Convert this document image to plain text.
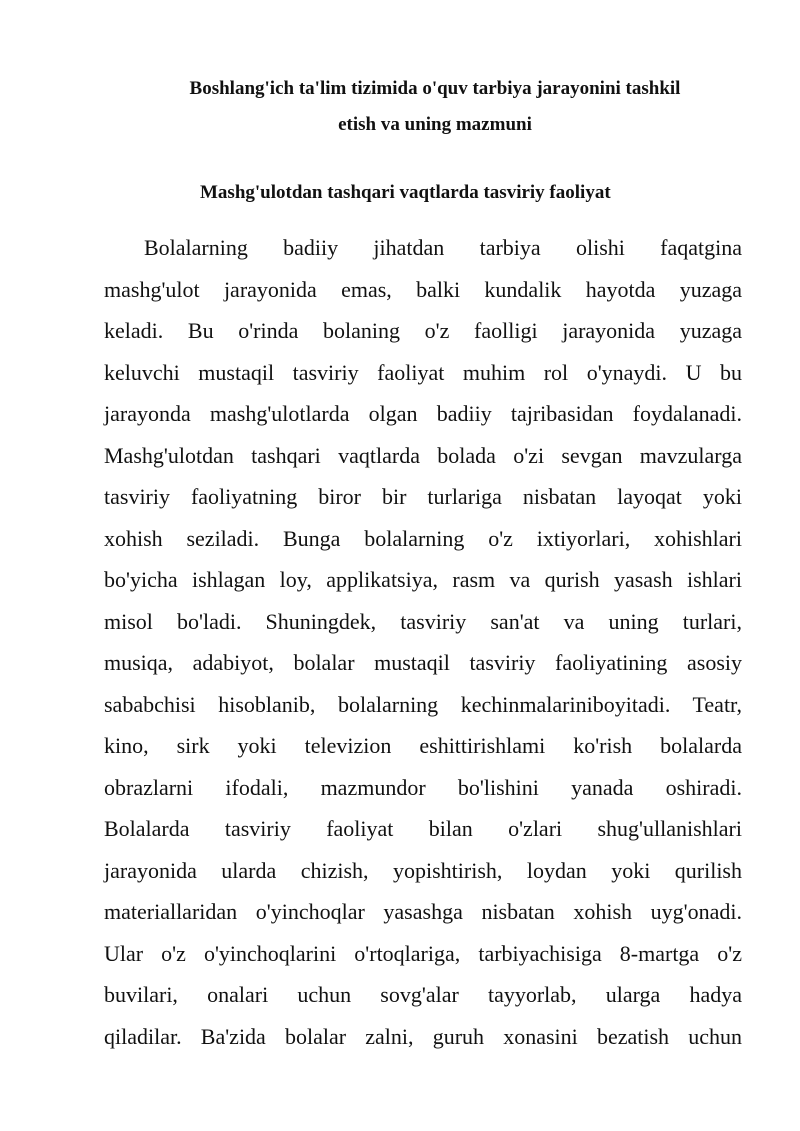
Boshlang'ich ta'lim tizimida o'quv tarbiya jarayonini tashkil
etish va uning mazmuni
Mashg'ulotdan tashqari vaqtlarda tasviriy faoliyat
Bolalarning badiiy jihatdan tarbiya olishi faqatgina
mashg'ulot jarayonida emas, balki kundalik hayotda yuzaga
keladi. Bu o'rinda bolaning o'z faolligi jarayonida yuzaga
keluvchi mustaqil tasviriy faoliyat muhim rol o'ynaydi. U bu
jarayonda mashg'ulotlarda olgan badiiy tajribasidan foydalanadi.
Mashg'ulotdan tashqari vaqtlarda bolada o'zi sevgan mavzularga
tasviriy faoliyatning biror bir turlariga nisbatan layoqat yoki
xohish seziladi. Bunga bolalarning o'z ixtiyorlari, xohishlari
bo'yicha ishlagan loy, applikatsiya, rasm va qurish yasash ishlari
misol bo'ladi. Shuningdek, tasviriy san'at va uning turlari,
musiqa, adabiyot, bolalar mustaqil tasviriy faoliyatining asosiy
sababchisi hisoblanib, bolalarning kechinmalariniboyitadi. Teatr,
kino, sirk yoki televizion eshittirishlami ko'rish bolalarda
obrazlarni ifodali, mazmundor bo'lishini yanada oshiradi.
Bolalarda tasviriy faoliyat bilan o'zlari shug'ullanishlari
jarayonida ularda chizish, yopishtirish, loydan yoki qurilish
materiallaridan o'yinchoqlar yasashga nisbatan xohish uyg'onadi.
Ular o'z o'yinchoqlarini o'rtoqlariga, tarbiyachisiga 8-martga o'z
buvilari, onalari uchun sovg'alar tayyorlab, ularga hadya
qiladilar. Ba'zida bolalar zalni, guruh xonasini bezatish uchun
